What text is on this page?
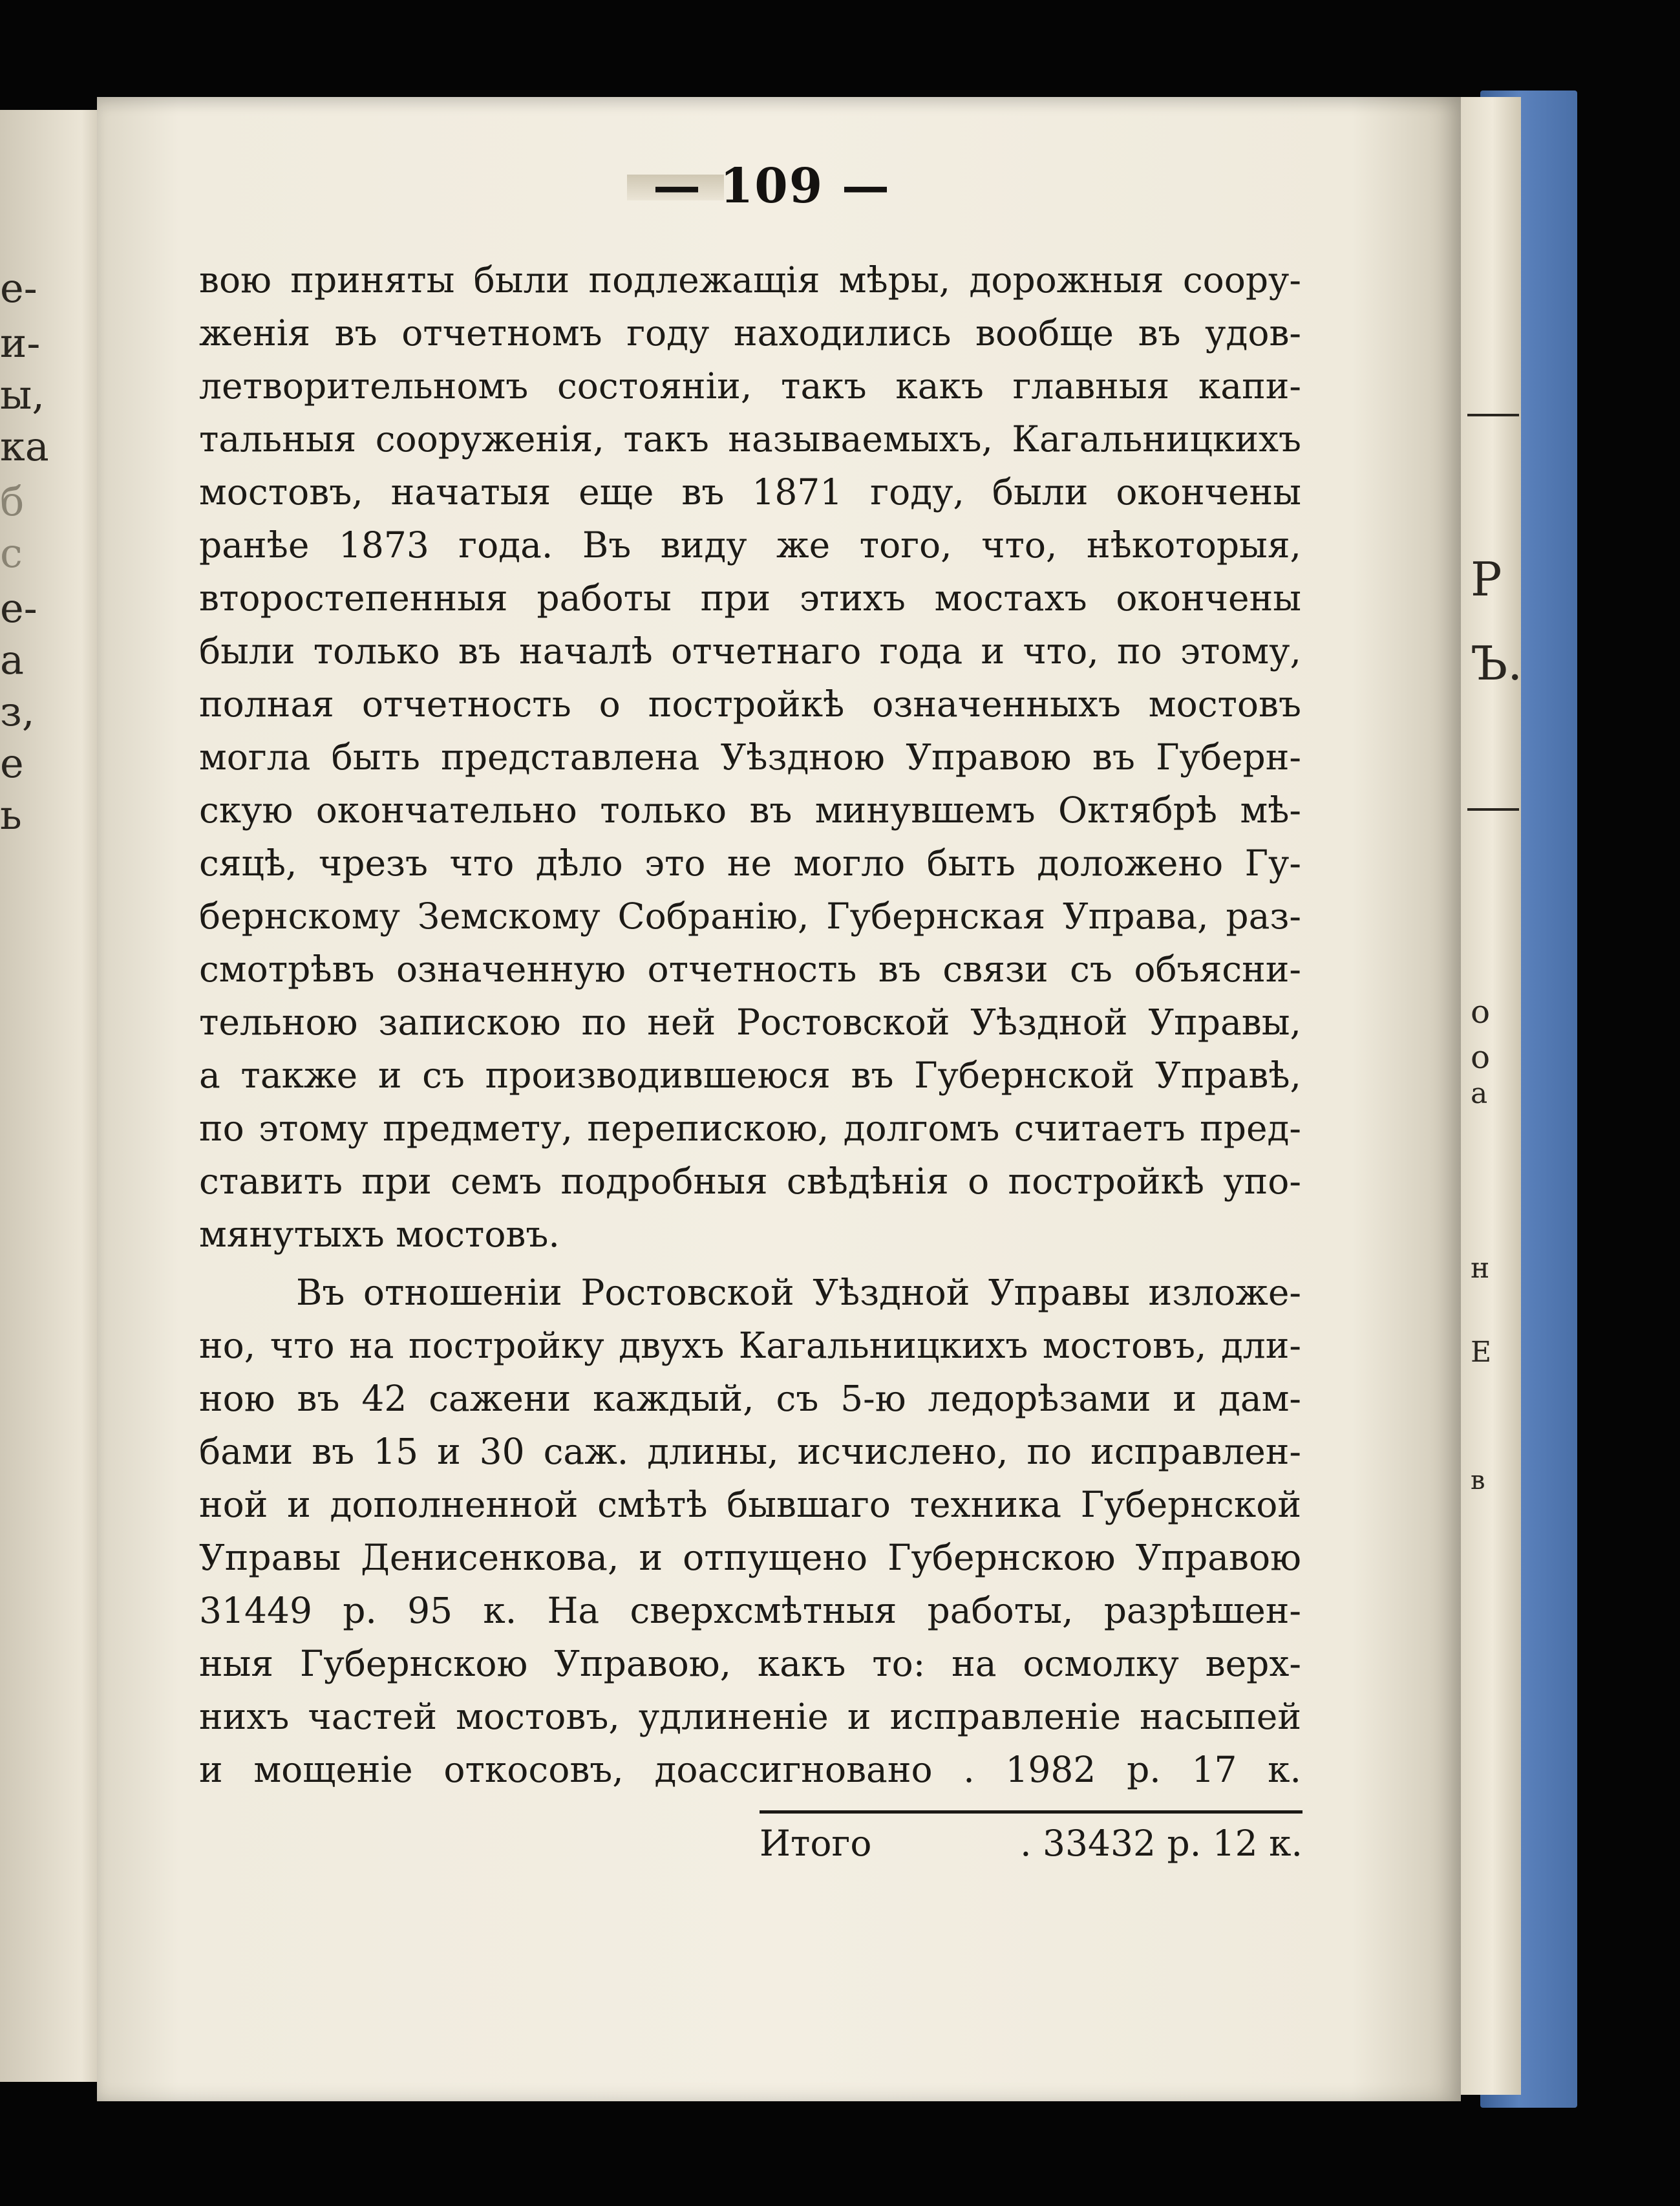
Р
Ъ.
о
о
а
н
Е
в
е-
и-
ы,
ка
б
с
е-
а
з,
е
ь
— 109 —
вою приняты были подлежащія мѣры, дорожныя соору-
женія въ отчетномъ году находились вообще въ удов-
летворительномъ состояніи, такъ какъ главныя капи-
тальныя сооруженія, такъ называемыхъ, Кагальницкихъ
мостовъ, начатыя еще въ 1871 году, были окончены
ранѣе 1873 года. Въ виду же того, что, нѣкоторыя,
второстепенныя работы при этихъ мостахъ окончены
были только въ началѣ отчетнаго года и что, по этому,
полная отчетность о постройкѣ означенныхъ мостовъ
могла быть представлена Уѣздною Управою въ Губерн-
скую окончательно только въ минувшемъ Октябрѣ мѣ-
сяцѣ, чрезъ что дѣло это не могло быть доложено Гу-
бернскому Земскому Собранію, Губернская Управа, раз-
смотрѣвъ означенную отчетность въ связи съ объясни-
тельною запискою по ней Ростовской Уѣздной Управы,
а также и съ производившеюся въ Губернской Управѣ,
по этому предмету, перепискою, долгомъ считаетъ пред-
ставить при семъ подробныя свѣдѣнія о постройкѣ упо-
мянутыхъ мостовъ.
Въ отношеніи Ростовской Уѣздной Управы изложе-
но, что на постройку двухъ Кагальницкихъ мостовъ, дли-
ною въ 42 сажени каждый, съ 5-ю ледорѣзами и дам-
бами въ 15 и 30 саж. длины, исчислено, по исправлен-
ной и дополненной смѣтѣ бывшаго техника Губернской
Управы Денисенкова, и отпущено Губернскою Управою
31449 р. 95 к. На сверхсмѣтныя работы, разрѣшен-
ныя Губернскою Управою, какъ то: на осмолку верх-
нихъ частей мостовъ, удлиненіе и исправленіе насыпей
и мощеніе откосовъ, доассигновано . 1982 р. 17 к.
Итого	. 33432 р. 12 к.
